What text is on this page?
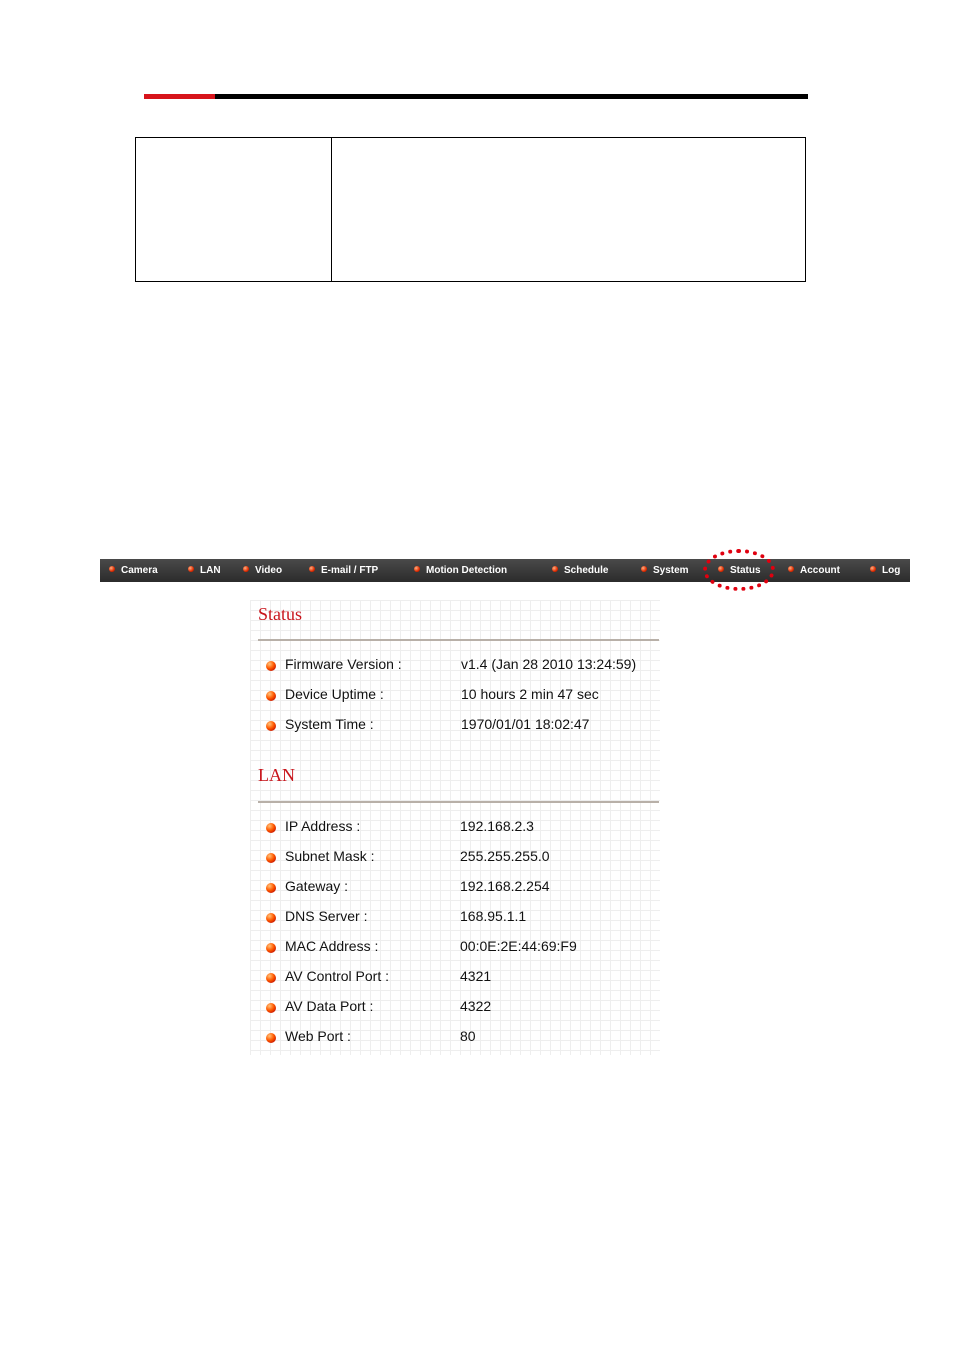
Camera	LAN	Video	E-mail / FTP	Motion Detection	Schedule	System	Status	Account	Log
Status
Firmware Version :	v1.4 (Jan 28 2010 13:24:59)
Device Uptime :	10 hours 2 min 47 sec
System Time :	1970/01/01 18:02:47
LAN
IP Address :	192.168.2.3
Subnet Mask :	255.255.255.0
Gateway :	192.168.2.254
DNS Server :	168.95.1.1
MAC Address :	00:0E:2E:44:69:F9
AV Control Port :	4321
AV Data Port :	4322
Web Port :	80
